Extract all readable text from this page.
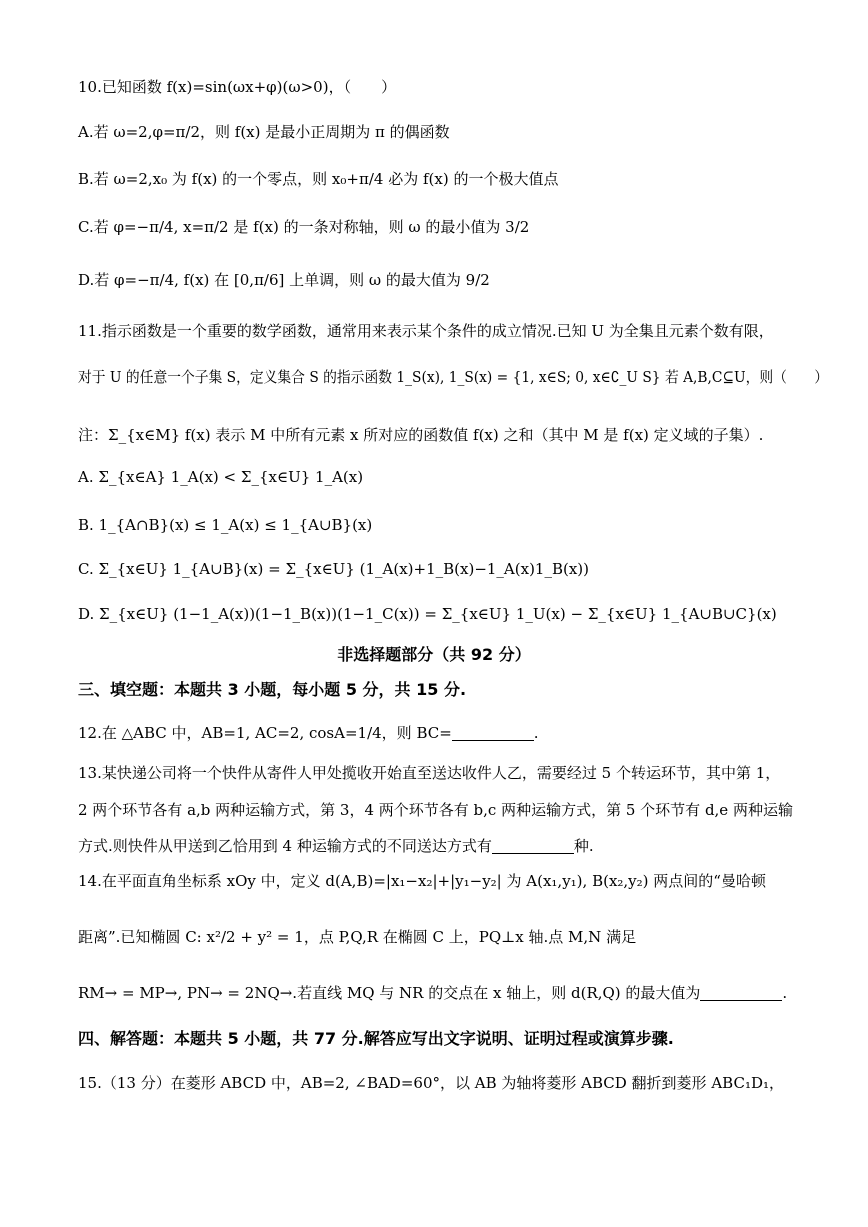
10.已知函数 f(x)=sin(ωx+φ)(ω>0)，（　　）
A.若 ω=2,φ=π/2，则 f(x) 是最小正周期为 π 的偶函数
B.若 ω=2,x₀ 为 f(x) 的一个零点，则 x₀+π/4 必为 f(x) 的一个极大值点
C.若 φ=−π/4, x=π/2 是 f(x) 的一条对称轴，则 ω 的最小值为 3/2
D.若 φ=−π/4, f(x) 在 [0,π/6] 上单调，则 ω 的最大值为 9/2
11.指示函数是一个重要的数学函数，通常用来表示某个条件的成立情况.已知 U 为全集且元素个数有限，
对于 U 的任意一个子集 S，定义集合 S 的指示函数 1_S(x), 1_S(x) = {1, x∈S; 0, x∈∁_U S} 若 A,B,C⊆U，则（　　）
注：Σ_{x∈M} f(x) 表示 M 中所有元素 x 所对应的函数值 f(x) 之和（其中 M 是 f(x) 定义域的子集）.
A. Σ_{x∈A} 1_A(x) < Σ_{x∈U} 1_A(x)
B. 1_{A∩B}(x) ≤ 1_A(x) ≤ 1_{A∪B}(x)
C. Σ_{x∈U} 1_{A∪B}(x) = Σ_{x∈U} (1_A(x)+1_B(x)−1_A(x)1_B(x))
D. Σ_{x∈U} (1−1_A(x))(1−1_B(x))(1−1_C(x)) = Σ_{x∈U} 1_U(x) − Σ_{x∈U} 1_{A∪B∪C}(x)
非选择题部分（共 92 分）
三、填空题：本题共 3 小题，每小题 5 分，共 15 分.
12.在 △ABC 中，AB=1, AC=2, cosA=1/4，则 BC=	.
13.某快递公司将一个快件从寄件人甲处揽收开始直至送达收件人乙，需要经过 5 个转运环节，其中第 1，
2 两个环节各有 a,b 两种运输方式，第 3，4 两个环节各有 b,c 两种运输方式，第 5 个环节有 d,e 两种运输
方式.则快件从甲送到乙恰用到 4 种运输方式的不同送达方式有	种.
14.在平面直角坐标系 xOy 中，定义 d(A,B)=|x₁−x₂|+|y₁−y₂| 为 A(x₁,y₁), B(x₂,y₂) 两点间的“曼哈顿
距离”.已知椭圆 C: x²/2 + y² = 1，点 P,Q,R 在椭圆 C 上，PQ⊥x 轴.点 M,N 满足
RM→ = MP→, PN→ = 2NQ→.若直线 MQ 与 NR 的交点在 x 轴上，则 d(R,Q) 的最大值为	.
四、解答题：本题共 5 小题，共 77 分.解答应写出文字说明、证明过程或演算步骤.
15.（13 分）在菱形 ABCD 中，AB=2, ∠BAD=60°，以 AB 为轴将菱形 ABCD 翻折到菱形 ABC₁D₁，
